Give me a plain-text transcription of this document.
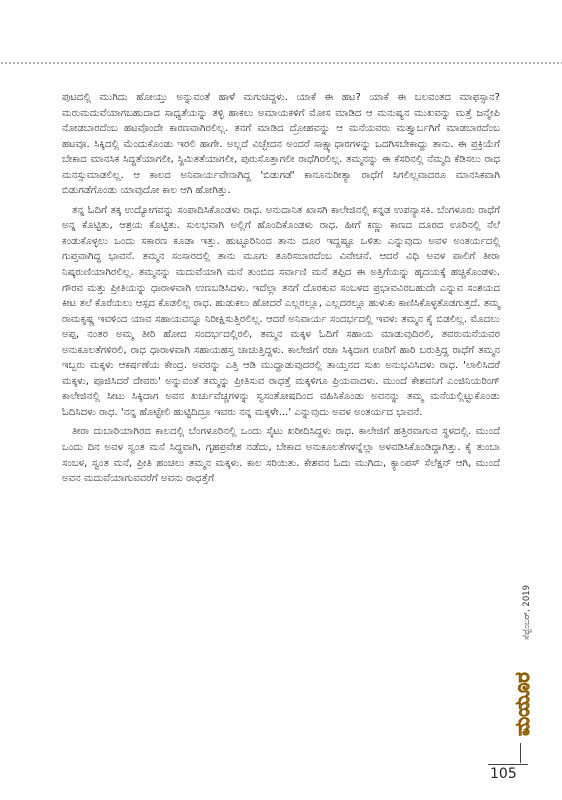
ಪುಟದಲ್ಲಿ ಮುಗಿದು ಹೋಯ್ತು ಅನ್ನುವಂತೆ ಹಾಳೆ ಮಗುಚಿದ್ದಳು. ಯಾಕೆ ಈ ಹಟ? ಯಾಕೆ ಈ ಬಲವಂತದ ಮಾಫಸ್ಸಾನ? ಮರುಮದುವೆಯಾಗಬಹುದಾದ ಸಾಧ್ಯತೆಯನ್ನು ತಳ್ಳಿ ಹಾಕಲು ಅಮಾಯಕಳಿಗೆ ಮೋಸ ಮಾಡಿದ ಆ ಮನುಷ್ಯನ ಮುಖವನ್ನು ಮತ್ತೆ ಜನ್ಮೇಪಿ ನೋಡಬಾರದೆಂಬ ಹಟವೊಂದೇ ಕಾರಣವಾಗಿರಲಿಲ್ಲ. ತನಗೆ ಮಾಡಿದ ದ್ರೋಹವನ್ನು ಆ ಮನೆಯವರು ಮತ್ತ್ಯಾರ್ಬಗಿಗೆ ಮಾಡಬಾರದೆಂಬ ಹಟವೂ. ಸಿಕ್ಕಿದಲ್ಲಿ ಮೆಂದುಕೊಂಡು ಇರಲಿ ಹಾಗೇ. ಅಲ್ಲದೆ ವಿಚ್ಛೇದನ ಅಂದರೆ ಸಾಕ್ಷ್ಯಾಧಾರಗಳನ್ನು ಒದಗಿಸಬೇಕಾದ್ದು ತಾನು. ಈ ಪ್ರಕ್ರಿಯೆಗೆ ಬೇಕಾದ ಮಾನಸಿಕ ಸಿದ್ಧತೆಯಾಗಲೀ, ಸ್ಥಿಮಿತತೆಯಾಗಲೀ, ಪುರುಸೊತ್ತಾಗಲೀ ರಾಧೆಗಿರಲಿಲ್ಲ. ತಮ್ಮನನ್ನು ಈ ಕೆಸರಿನಲ್ಲಿ ನೆಮ್ಮದಿ ಕೆಡಿಸಲು ರಾಧ ಮನಸ್ಸುಮಾಡಲಿಲ್ಲ. ಆ ಕಾಲದ ಅನಿವಾರ್ಯವೇನಾಗಿದ್ದ 'ಬಿಡುಗಡೆ' ಕಾನೂನುರೀತ್ಯಾ ರಾಧೆಗೆ ಸಿಗಲಿಲ್ಲವಾದರೂ ಮಾನಸಿಕವಾಗಿ ಬಿಡುಗಡೆಗೊಂಡು ಯಾವುದೋ ಕಾಲ ಆಗಿ ಹೋಗಿತ್ತು.

ತನ್ನ ಓದಿಗೆ ತಕ್ಕ ಉದ್ಯೋಗವನ್ನು ಸಂಪಾದಿಸಿಕೊಂಡಳು ರಾಧ. ಅನುದಾನಿತ ಖಾಸಗಿ ಕಾಲೇಜಿನಲ್ಲಿ ಕನ್ನಡ ಉಪನ್ಯಾಸಕಿ. ಬೆಂಗಳೂರು ರಾಧೆಗೆ ಅನ್ನ ಕೊಟ್ಟಿತು, ಆಶ್ರಯ ಕೊಟ್ಟಿತು. ಸುಲಭವಾಗಿ ಅಲ್ಲಿಗೆ ಹೊಂದಿಕೊಂಡಳು ರಾಧ. ಹೀಗೆ ಕಣ್ಣು ಕಾಣದ ದೂರದ ಊರಿನಲ್ಲಿ ನೆಲೆ ಕಂಡುಕೊಳ್ಳಲು ಒಂದು ಸಕಾರಣ ಕೂಡಾ ಇತ್ತು. ಹುಟ್ಟೂರಿನಿಂದ ತಾನು ದೂರ ಇದ್ದಷ್ಟೂ ಒಳಿತು ಎನ್ನುವುದು ಅವಳ ಅಂತರ್ಯದಲ್ಲಿ ಗುಪ್ತವಾಗಿದ್ದ ಭಾವನೆ. ತಮ್ಮನ ಸಂಸಾರದಲ್ಲಿ ತಾನು ಮೂಗು ತೂರಿಸಬಾರದೆಂಬ ವಿವೇಚನೆ. ಆದರೆ ವಿಧಿ ಅವಳ ಪಾಲಿಗೆ ತೀರಾ ನಿಷ್ಕರುಣಿಯಾಗಿರಲಿಲ್ಲ. ತಮ್ಮನನ್ನು ಮದುವೆಯಾಗಿ ಮನೆ ತುಂಬಿದ ಸರ್ವಾಣಿ ಮನೆ ತಪ್ಪಿದ ಈ ಅತ್ತಿಗೆಯನ್ನು ಹೃದಯಕ್ಕೆ ಹಚ್ಚಿಕೊಂಡಳು. ಗೌರವ ಮತ್ತು ಪ್ರೀತಿಯನ್ನು ಧಾರಾಳವಾಗಿ ಉಣಬಡಿಸಿದಳು. ಇದೆಲ್ಲಾ ತನಗೆ ದೊರಕುವ ಸಂಬಳದ ಪ್ರಭಾವವಿರಬಹುದೇ ಎನ್ನುವ ಸಂಶಯದ ಕೀಟ ತಲೆ ಕೊರೆಯಲು ಆಸ್ಪದ ಕೊಡಲಿಲ್ಲ ರಾಧ. ಹುಡುಕಲು ಹೋದರೆ ಎಲ್ಲರಲ್ಲೂ, ಎಲ್ಲದರಲ್ಲೂ ಹುಳುಕು ಕಾಣಿಸಿಕೊಳ್ಳತೊಡಗುತ್ತದೆ. ತಮ್ಮ ರಾಮಕೃಷ್ಣ ಇವಳಿಂದ ಯಾವ ಸಹಾಯವನ್ನೂ ನಿರೀಕ್ಷಿಸುತ್ತಿರಲಿಲ್ಲ. ಆದರೆ ಅನಿವಾರ್ಯ ಸಂದರ್ಭದಲ್ಲಿ ಇವಳು ತಮ್ಮನ ಕೈ ಬಿಡಲಿಲ್ಲ. ಮೊದಲು ಅಪ್ಪ, ನಂತರ ಅಮ್ಮ ತೀರಿ ಹೋದ ಸಂದರ್ಭದಲ್ಲಿರಲಿ, ತಮ್ಮನ ಮಕ್ಕಳ ಓದಿಗೆ ಸಹಾಯ ಮಾಡುವುದಿರಲಿ, ತವರುಮನೆಯವರ ಅನುಕೂಲತೆಗಳಿರಲಿ, ರಾಧ ಧಾರಾಳವಾಗಿ ಸಹಾಯಹಸ್ತ ಚಾಚುತ್ತಿದ್ದಳು. ಕಾಲೇಜಿಗೆ ರಜಾ ಸಿಕ್ಕಿದಾಗ ಊರಿಗೆ ಹಾರಿ ಬರುತ್ತಿದ್ದ ರಾಧೆಗೆ ತಮ್ಮನ ಇಬ್ಬರು ಮಕ್ಕಳು ಆಕರ್ಷಣೆಯ ಕೇಂದ್ರ. ಅವರನ್ನು ಎತ್ತಿ ಆಡಿ ಮುದ್ದಾಡುವುದರಲ್ಲಿ ತಾಯ್ತನದ ಸುಖ ಅನುಭವಿಸಿದಳು ರಾಧ. 'ಲಾಲಿಸಿದರೆ ಮಕ್ಕಳು, ಪೂಜಿಸಿದರೆ ದೇವರು' ಅನ್ನುವಂತೆ ತಮ್ಮನ್ನು ಪ್ರೀತಿಸುವ ರಾಧತ್ತೆ ಮಕ್ಕಳಿಗೂ ಪ್ರಿಯವಾದಳು. ಮುಂದೆ ಕೇಶವನಿಗೆ ಎಂಜಿನಿಯರಿಂಗ್ ಕಾಲೇಜಿನಲ್ಲಿ ಸೀಟು ಸಿಕ್ಕಿದಾಗ ಅವನ ಖರ್ಚುವೆಚ್ಚಗಳನ್ನು ಸ್ವಸಂತೋಷದಿಂದ ವಹಿಸಿಕೊಂಡು ಅವನನ್ನು ತಮ್ಮ ಮನೆಯಲ್ಲಿಟ್ಟುಕೊಂಡು ಓದಿಸಿದಳು ರಾಧ. 'ನನ್ನ ಹೊಟ್ಟೇಲಿ ಹುಟ್ಟಿದಿದ್ರೂ ಇವರು ನನ್ನ ಮಕ್ಕಳೇ...' ಎನ್ನುವುದು ಅವಳ ಅಂತರ್ಯದ ಭಾವನೆ.

ತೀರಾ ದುಬಾರಿಯಾಗಿರದ ಕಾಲದಲ್ಲಿ ಬೆಂಗಳೂರಿನಲ್ಲಿ ಒಂದು ಸೈಟು ಖರೀದಿಸಿದ್ದಳು ರಾಧ. ಕಾಲೇಜಿಗೆ ಹತ್ತಿರವಾಗುವ ಸ್ಥಳದಲ್ಲಿ. ಮುಂದೆ ಒಂದು ದಿನ ಅವಳ ಸ್ವಂತ ಮನೆ ಸಿದ್ಧವಾಗಿ, ಗೃಹಪ್ರವೇಶ ನಡೆದು, ಬೇಕಾದ ಅನುಕೂಲತೆಗಳನ್ನೆಲ್ಲಾ ಅಳವಡಿಸಿಕೊಂಡಿದ್ದಾಗಿತ್ತು. ಕೈ ತುಂಬಾ ಸಂಬಳ, ಸ್ವಂತ ಮನೆ, ಪ್ರೀತಿ ಹಂಚಲು ತಮ್ಮನ ಮಕ್ಕಳು. ಕಾಲ ಸರಿಯಿತು. ಕೇಶವನ ಓದು ಮುಗಿದು, ಕ್ಯಾಂಪಸ್ ಸೆಲೆಕ್ಷನ್ ಆಗಿ, ಮುಂದೆ ಅವನ ಮದುವೆಯಾಗುವವರೆಗೆ ಅವನು ರಾಧತ್ತೆಗೆ

ಸೆಪ್ಟೆಂಬರ್, 2019
ಮಯೂರ
105
